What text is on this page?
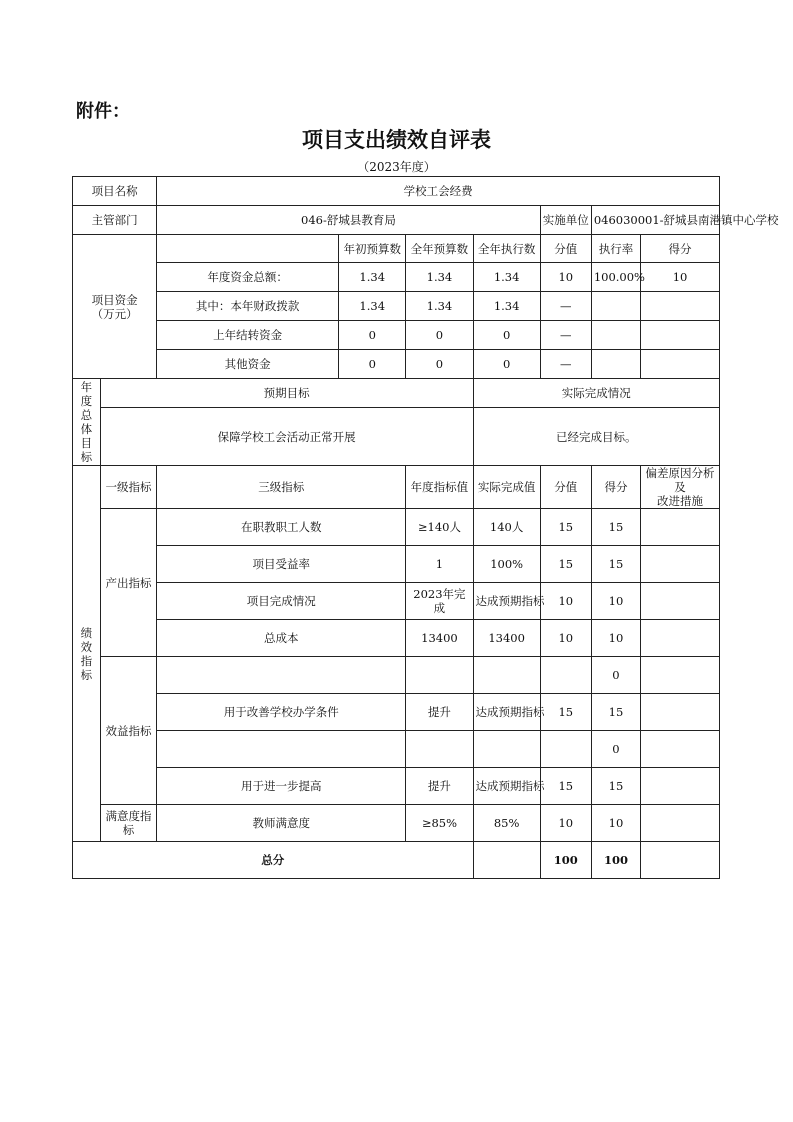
附件：
项目支出绩效自评表
（2023年度）
项目名称	学校工会经费		
主管部门	046-舒城县教育局	实施单位	046030001-舒城县南港镇中心学校
项目资金
（万元）			年初预算数	全年预算数	全年执行数	分值	执行率	得分
		年度资金总额：	1.34	1.34	1.34	10	100.00%	10
		其中：本年财政拨款	1.34	1.34	1.34	—		
		上年结转资金	0	0	0	—		
		其他资金	0	0	0	—		
年度
总体
目标	预期目标				实际完成情况			
	保障学校工会活动正常开展				已经完成目标。			
绩效
指标	一级指标	三级指标		年度指标值	实际完成值	分值	得分	偏差原因分析及
改进措施
	产出指标	在职教职工人数		≥140人	140人	15	15	
		项目受益率		1	100%	15	15	
		项目完成情况		2023年完成	达成预期指标	10	10	
		总成本		13400	13400	10	10	
	效益指标						0	
		用于改善学校办学条件		提升	达成预期指标	15	15	
							0	
		用于进一步提高		提升	达成预期指标	15	15	
	满意度指
标	教师满意度		≥85%	85%	10	10	
总分						100	100	
